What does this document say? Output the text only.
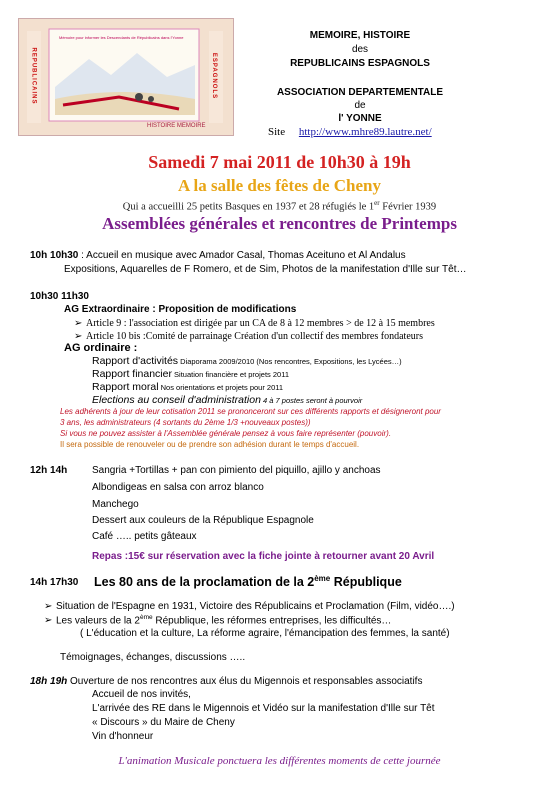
Mémoire pour informer les Descendants de Républicains dans l'Yonne
REPUBLICAINS	ESPAGNOLS
HISTOIRE MEMOIRE
MEMOIRE, HISTOIRE
des
REPUBLICAINS ESPAGNOLS
ASSOCIATION DEPARTEMENTALE
de
l' YONNE
Site http://www.mhre89.lautre.net/
Samedi 7 mai 2011 de 10h30 à 19h
A la salle des fêtes de Cheny
Qui a accueilli 25 petits Basques en 1937 et 28 réfugiés le 1er Février 1939
Assemblées générales et rencontres de Printemps
10h 10h30 : Accueil en musique avec Amador Casal, Thomas Aceituno et Al Andalus
Expositions, Aquarelles de F Romero, et de Sim, Photos de la manifestation d'Ille sur Têt…
10h30 11h30
AG Extraordinaire : Proposition de modifications
➢ Article 9 : l'association est dirigée par un CA de 8 à 12 membres > de 12 à 15 membres
➢ Article 10 bis :Comité de parrainage Création d'un collectif des membres fondateurs
AG ordinaire :
Rapport d'activités Diaporama 2009/2010 (Nos rencontres, Expositions, les Lycées…)
Rapport financier Situation financière et projets 2011
Rapport moral Nos orientations et projets pour 2011
Elections au conseil d'administration 4 à 7 postes seront à pourvoir
Les adhérents à jour de leur cotisation 2011 se prononceront sur ces différents rapports et désigneront pour
3 ans, les administrateurs (4 sortants du 2ème 1/3 +nouveaux postes))
Si vous ne pouvez assister à l'Assemblée générale pensez à vous faire représenter (pouvoir).
Il sera possible de renouveler ou de prendre son adhésion durant le temps d'accueil.
12h 14h Sangria +Tortillas + pan con pimiento del piquillo, ajillo y anchoas
Albondigeas en salsa con arroz blanco
Manchego
Dessert aux couleurs de la République Espagnole
Café ….. petits gâteaux
Repas :15€ sur réservation avec la fiche jointe à retourner avant 20 Avril
14h 17h30 Les 80 ans de la proclamation de la 2ème République
➢ Situation de l'Espagne en 1931, Victoire des Républicains et Proclamation (Film, vidéo….)
➢ Les valeurs de la 2ème République, les réformes entreprises, les difficultés…
( L'éducation et la culture, La réforme agraire, l'émancipation des femmes, la santé)
Témoignages, échanges, discussions …..
18h 19h Ouverture de nos rencontres aux élus du Migennois et responsables associatifs
Accueil de nos invités,
L'arrivée des RE dans le Migennois et Vidéo sur la manifestation d'Ille sur Têt
« Discours » du Maire de Cheny
Vin d'honneur
L'animation Musicale ponctuera les différentes moments de cette journée
